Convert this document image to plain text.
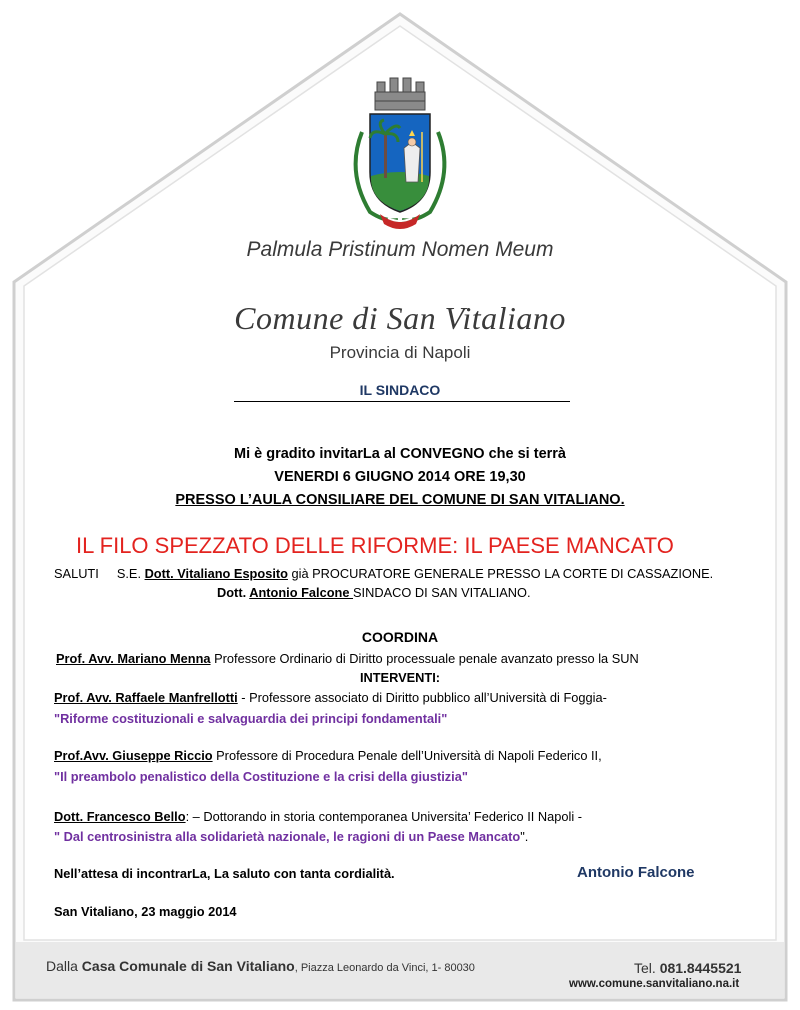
Palmula Pristinum Nomen Meum
Comune di San Vitaliano
Provincia di Napoli
IL SINDACO
Mi è gradito invitarLa al CONVEGNO che si terrà
VENERDI 6 GIUGNO 2014 ORE 19,30
PRESSO L’AULA CONSILIARE DEL COMUNE DI SAN VITALIANO.
IL FILO SPEZZATO DELLE RIFORME: IL PAESE MANCATO
SALUTI S.E. Dott. Vitaliano Esposito già PROCURATORE GENERALE PRESSO LA CORTE DI CASSAZIONE.
Dott. Antonio Falcone SINDACO DI SAN VITALIANO.
COORDINA
Prof. Avv. Mariano Menna Professore Ordinario di Diritto processuale penale avanzato presso la SUN
INTERVENTI:
Prof. Avv. Raffaele Manfrellotti - Professore associato di Diritto pubblico all’Università di Foggia-
"Riforme costituzionali e salvaguardia dei principi fondamentali"
Prof.Avv. Giuseppe Riccio Professore di Procedura Penale dell’Università di Napoli Federico II,
"Il preambolo penalistico della Costituzione e la crisi della giustizia"
Dott. Francesco Bello: – Dottorando in storia contemporanea Universita’ Federico II Napoli -
" Dal centrosinistra alla solidarietà nazionale, le ragioni di un Paese Mancato".
Nell’attesa di incontrarLa, La saluto con tanta cordialità.	Antonio Falcone
San Vitaliano, 23 maggio 2014
Dalla Casa Comunale di San Vitaliano, Piazza Leonardo da Vinci, 1- 80030	Tel. 081.8445521
www.comune.sanvitaliano.na.it
